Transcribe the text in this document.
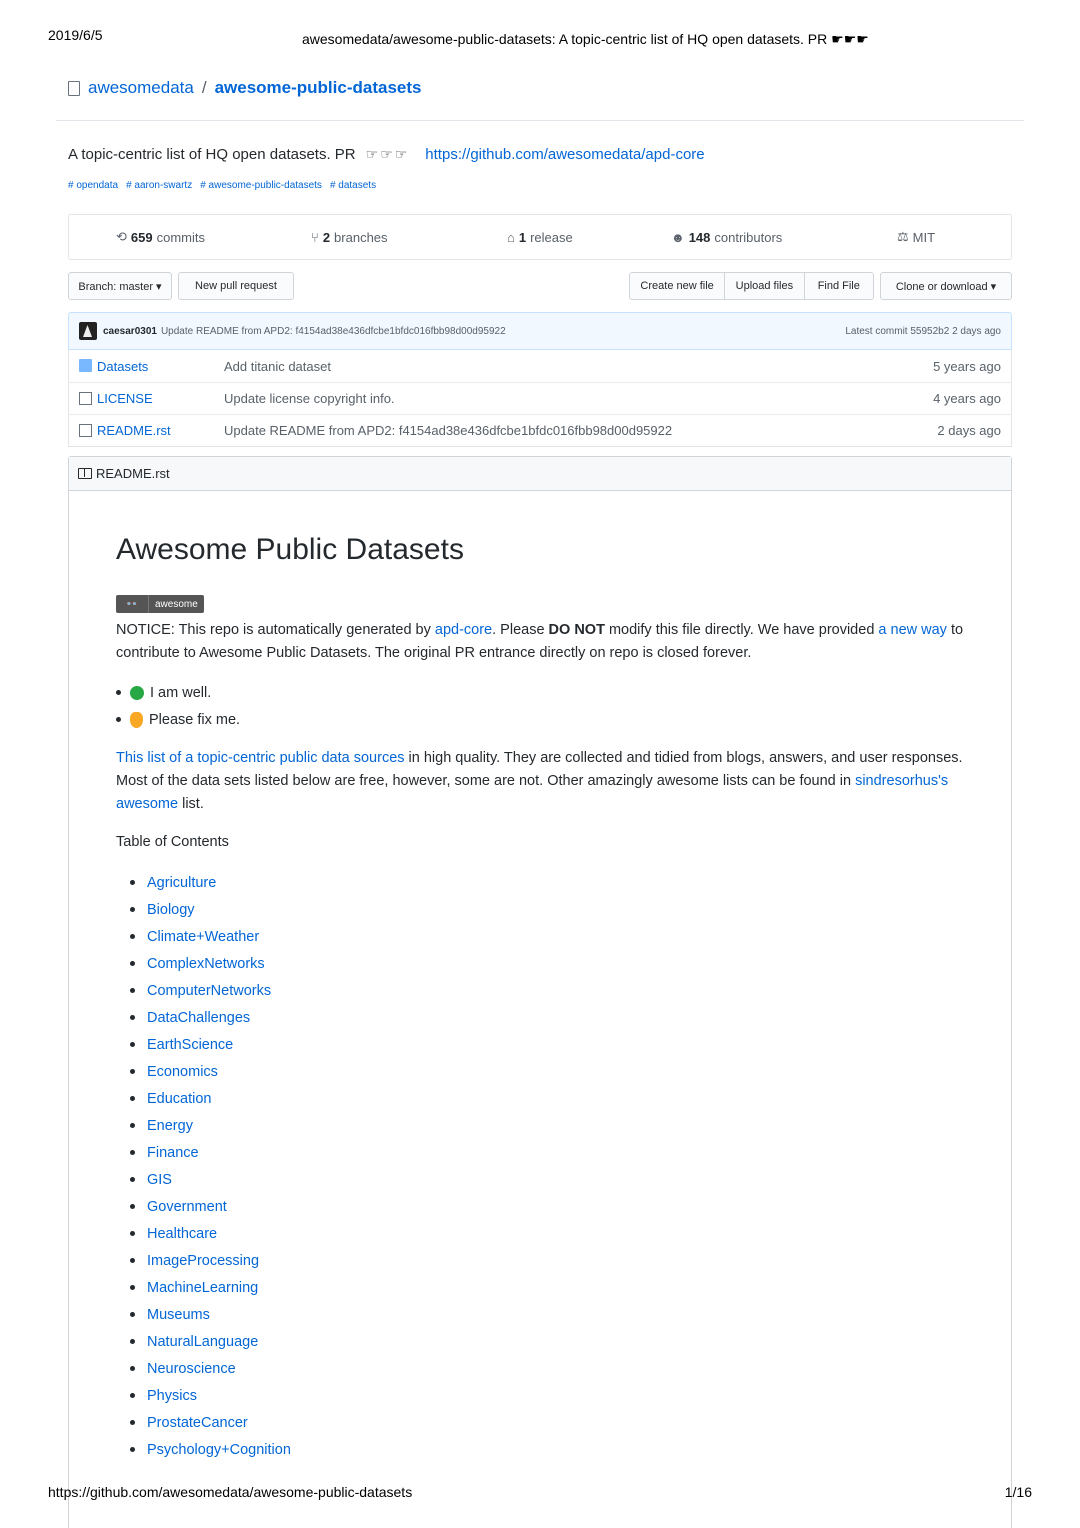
2019/6/5	awesomedata/awesome-public-datasets: A topic-centric list of HQ open datasets. PR ☛☛☛
awesomedata / awesome-public-datasets
A topic-centric list of HQ open datasets. PR ☞☞☞ https://github.com/awesomedata/apd-core
# opendata # aaron-swartz # awesome-public-datasets # datasets
⟲ 659 commits	⑂ 2 branches	⌂ 1 release	☻ 148 contributors	⚖ MIT
Branch: master ▾	New pull request	Create new file	Upload files	Find File	Clone or download ▾
caesar0301 Update README from APD2: f4154ad38e436dfcbe1bfdc016fbb98d00d95922	Latest commit 55952b2 2 days ago
Datasets	Add titanic dataset	5 years ago
LICENSE	Update license copyright info.	4 years ago
README.rst	Update README from APD2: f4154ad38e436dfcbe1bfdc016fbb98d00d95922	2 days ago
README.rst
Awesome Public Datasets
👓	awesome

NOTICE: This repo is automatically generated by apd-core. Please DO NOT modify this file directly. We have provided a new way to contribute to Awesome Public Datasets. The original PR entrance directly on repo is closed forever.

I am well.
Please fix me.

This list of a topic-centric public data sources in high quality. They are collected and tidied from blogs, answers, and user responses. Most of the data sets listed below are free, however, some are not. Other amazingly awesome lists can be found in sindresorhus's awesome list.

Table of Contents
Agriculture
Biology
Climate+Weather
ComplexNetworks
ComputerNetworks
DataChallenges
EarthScience
Economics
Education
Energy
Finance
GIS
Government
Healthcare
ImageProcessing
MachineLearning
Museums
NaturalLanguage
Neuroscience
Physics
ProstateCancer
Psychology+Cognition
https://github.com/awesomedata/awesome-public-datasets	1/16
